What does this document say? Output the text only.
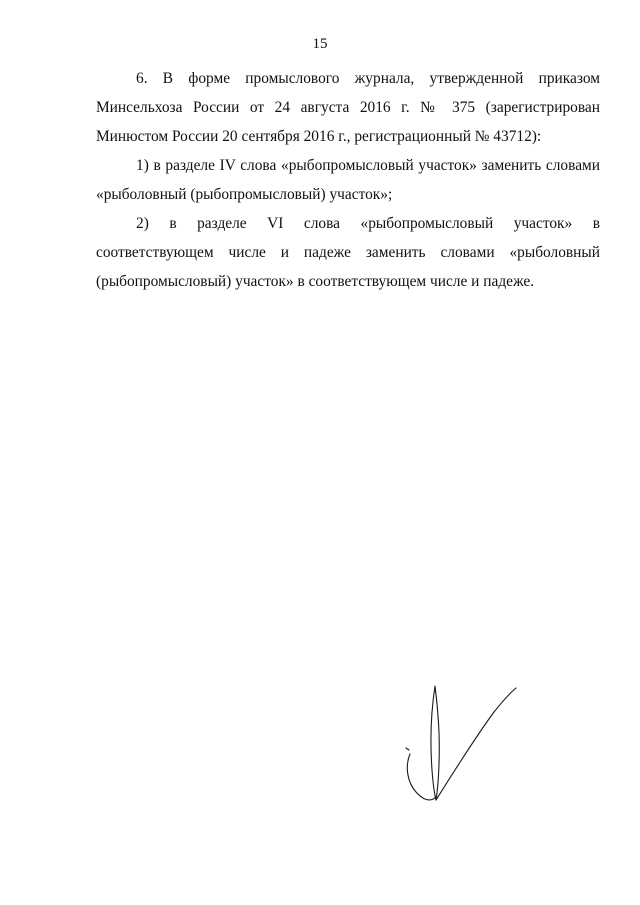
15

6. В форме промыслового журнала, утвержденной приказом Минсельхоза России от 24 августа 2016 г. № 375 (зарегистрирован Минюстом России 20 сентября 2016 г., регистрационный № 43712):

1) в разделе IV слова «рыбопромысловый участок» заменить словами «рыболовный (рыбопромысловый) участок»;

2) в разделе VI слова «рыбопромысловый участок» в соответствующем числе и падеже заменить словами «рыболовный (рыбопромысловый) участок» в соответствующем числе и падеже.
